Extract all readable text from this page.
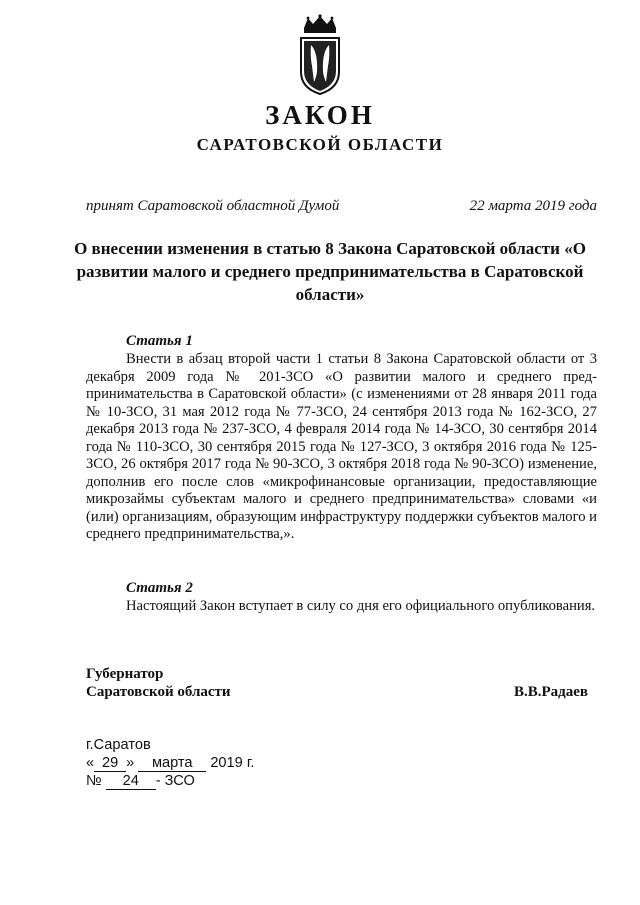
ЗАКОН
САРАТОВСКОЙ ОБЛАСТИ
принят Саратовской областной Думой	22 марта 2019 года
О внесении изменения в статью 8 Закона Саратовской области «О развитии малого и среднего предпринимательства в Саратовской области»
Статья 1

Внести в абзац второй части 1 статьи 8 Закона Саратовской области от 3 декабря 2009 года № 201-ЗСО «О развитии малого и среднего предпринимательства в Саратовской области» (с изменениями от 28 января 2011 года № 10-ЗСО, 31 мая 2012 года № 77-ЗСО, 24 сентября 2013 года № 162-ЗСО, 27 декабря 2013 года № 237-ЗСО, 4 февраля 2014 года № 14-ЗСО, 30 сентября 2014 года № 110-ЗСО, 30 сентября 2015 года № 127-ЗСО, 3 октября 2016 года № 125-ЗСО, 26 октября 2017 года № 90-ЗСО, 3 октября 2018 года № 90-ЗСО) изменение, дополнив его после слов «микрофинансовые организации, предоставляющие микрозаймы субъектам малого и среднего предпринимательства» словами «и (или) организациям, образующим инфраструктуру поддержки субъектов малого и среднего предпринимательства,».

Статья 2

Настоящий Закон вступает в силу со дня его официального опубликования.

Губернатор
Саратовской области	В.В.Радаев
г.Саратов
« 29 » марта 2019 г.
№ 24 - ЗСО
